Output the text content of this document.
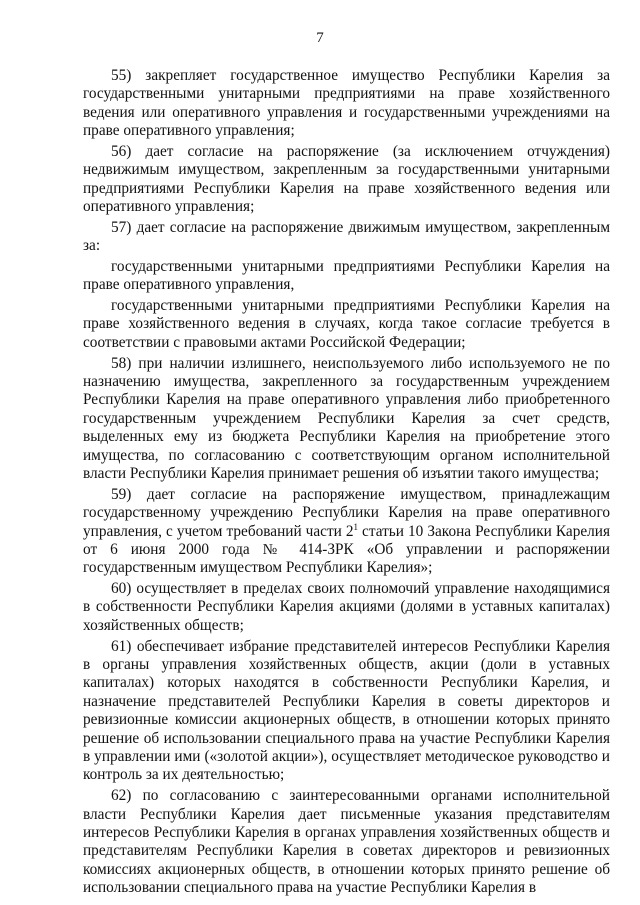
7

55) закрепляет государственное имущество Республики Карелия за государственными унитарными предприятиями на праве хозяйственного ведения или оперативного управления и государственными учреждениями на праве оперативного управления;

56) дает согласие на распоряжение (за исключением отчуждения) недвижимым имуществом, закрепленным за государственными унитарными предприятиями Республики Карелия на праве хозяйственного ведения или оперативного управления;

57) дает согласие на распоряжение движимым имуществом, закрепленным за:

государственными унитарными предприятиями Республики Карелия на праве оперативного управления,

государственными унитарными предприятиями Республики Карелия на праве хозяйственного ведения в случаях, когда такое согласие требуется в соответствии с правовыми актами Российской Федерации;

58) при наличии излишнего, неиспользуемого либо используемого не по назначению имущества, закрепленного за государственным учреждением Республики Карелия на праве оперативного управления либо приобретенного государственным учреждением Республики Карелия за счет средств, выделенных ему из бюджета Республики Карелия на приобретение этого имущества, по согласованию с соответствующим органом исполнительной власти Республики Карелия принимает решения об изъятии такого имущества;

59) дает согласие на распоряжение имуществом, принадлежащим государственному учреждению Республики Карелия на праве оперативного управления, с учетом требований части $2^1$ статьи 10 Закона Республики Карелия от 6 июня 2000 года № 414-ЗРК «Об управлении и распоряжении государственным имуществом Республики Карелия»;

60) осуществляет в пределах своих полномочий управление находящимися в собственности Республики Карелия акциями (долями в уставных капиталах) хозяйственных обществ;

61) обеспечивает избрание представителей интересов Республики Карелия в органы управления хозяйственных обществ, акции (доли в уставных капиталах) которых находятся в собственности Республики Карелия, и назначение представителей Республики Карелия в советы директоров и ревизионные комиссии акционерных обществ, в отношении которых принято решение об использовании специального права на участие Республики Карелия в управлении ими («золотой акции»), осуществляет методическое руководство и контроль за их деятельностью;

62) по согласованию с заинтересованными органами исполнительной власти Республики Карелия дает письменные указания представителям интересов Республики Карелия в органах управления хозяйственных обществ и представителям Республики Карелия в советах директоров и ревизионных комиссиях акционерных обществ, в отношении которых принято решение об использовании специального права на участие Республики Карелия в
